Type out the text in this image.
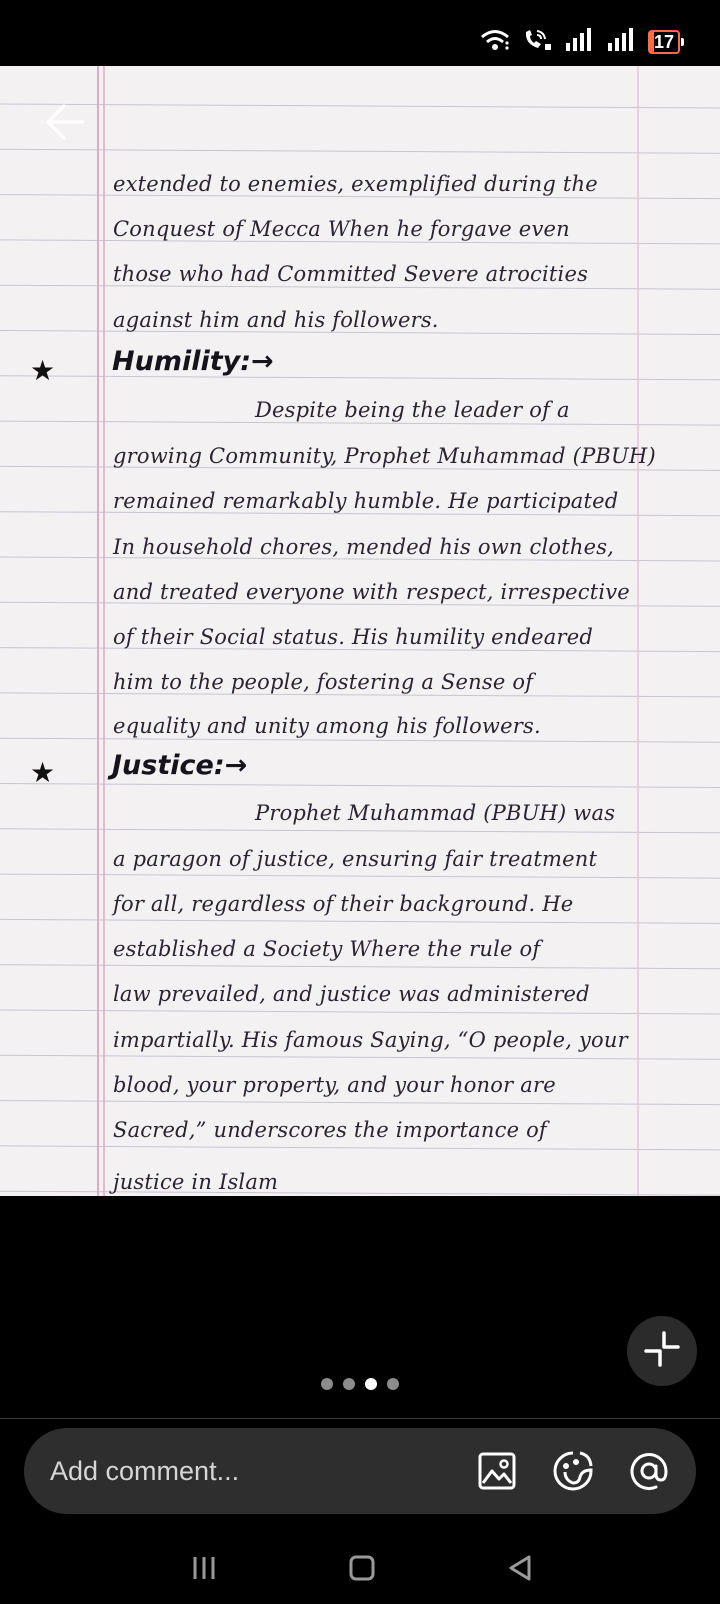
17
extended to enemies, exemplified during the
Conquest of Mecca When he forgave even
those who had Committed Severe atrocities
against him and his followers.
★ Humility:→
Despite being the leader of a
growing Community, Prophet Muhammad (PBUH)
remained remarkably humble. He participated
In household chores, mended his own clothes,
and treated everyone with respect, irrespective
of their Social status. His humility endeared
him to the people, fostering a Sense of
equality and unity among his followers.
★ Justice:→
Prophet Muhammad (PBUH) was
a paragon of justice, ensuring fair treatment
for all, regardless of their background. He
established a Society Where the rule of
law prevailed, and justice was administered
impartially. His famous Saying, “O people, your
blood, your property, and your honor are
Sacred,” underscores the importance of
justice in Islam
Add comment...
